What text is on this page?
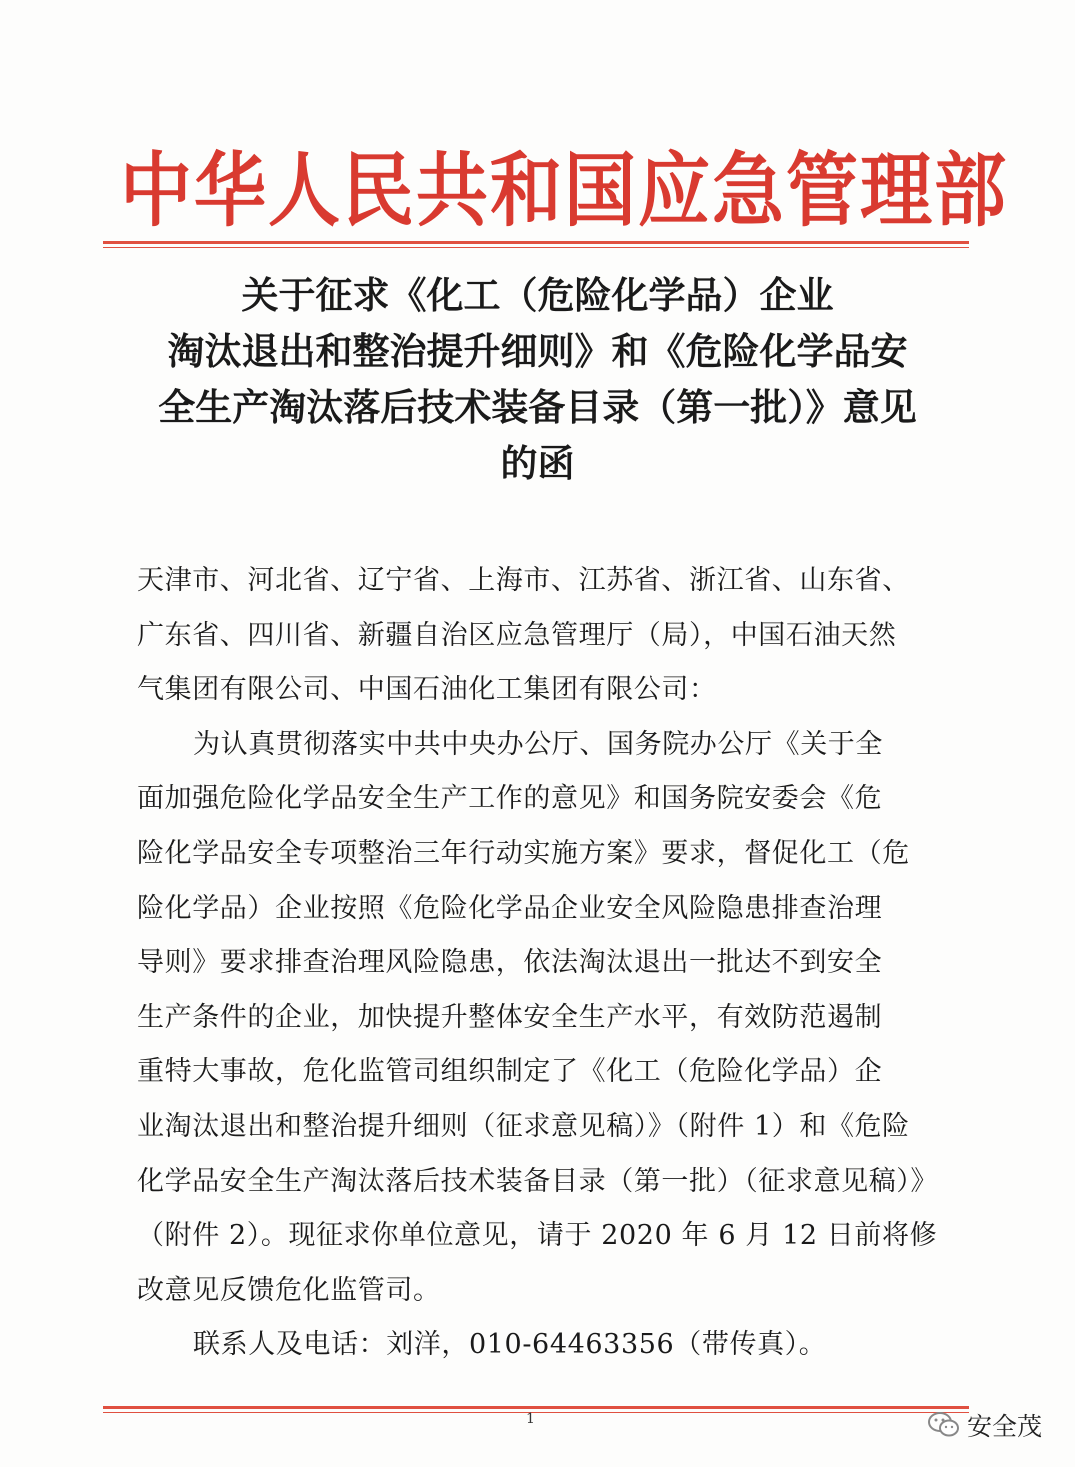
中华人民共和国应急管理部
关于征求《化工（危险化学品）企业
淘汰退出和整治提升细则》和《危险化学品安
全生产淘汰落后技术装备目录（第一批）》意见
的函
天津市、河北省、辽宁省、上海市、江苏省、浙江省、山东省、
广东省、四川省、新疆自治区应急管理厅（局），中国石油天然
气集团有限公司、中国石油化工集团有限公司：
为认真贯彻落实中共中央办公厅、国务院办公厅《关于全
面加强危险化学品安全生产工作的意见》和国务院安委会《危
险化学品安全专项整治三年行动实施方案》要求，督促化工（危
险化学品）企业按照《危险化学品企业安全风险隐患排查治理
导则》要求排查治理风险隐患，依法淘汰退出一批达不到安全
生产条件的企业，加快提升整体安全生产水平，有效防范遏制
重特大事故，危化监管司组织制定了《化工（危险化学品）企
业淘汰退出和整治提升细则（征求意见稿）》（附件 1）和《危险
化学品安全生产淘汰落后技术装备目录（第一批）（征求意见稿）》
（附件 2）。现征求你单位意见，请于 2020 年 6 月 12 日前将修
改意见反馈危化监管司。
联系人及电话：刘洋，010-64463356（带传真）。
1	安全茂
